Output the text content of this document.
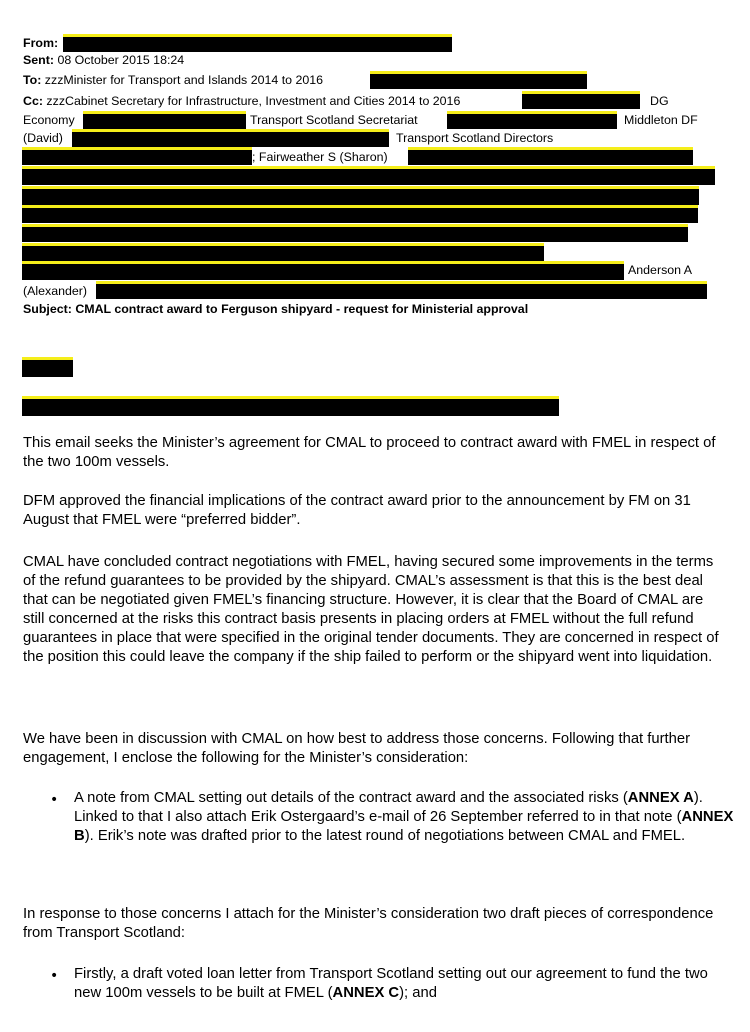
From:
Sent: 08 October 2015 18:24
To: zzzMinister for Transport and Islands 2014 to 2016
Cc: zzzCabinet Secretary for Infrastructure, Investment and Cities 2014 to 2016	DG
Economy	Transport Scotland Secretariat	Middleton DF
(David)	Transport Scotland Directors
; Fairweather S (Sharon)
Anderson A
(Alexander)
Subject: CMAL contract award to Ferguson shipyard - request for Ministerial approval

This email seeks the Minister’s agreement for CMAL to proceed to contract award with FMEL in respect of the two 100m vessels.

DFM approved the financial implications of the contract award prior to the announcement by FM on 31 August that FMEL were “preferred bidder”.

CMAL have concluded contract negotiations with FMEL, having secured some improvements in the terms of the refund guarantees to be provided by the shipyard. CMAL’s assessment is that this is the best deal that can be negotiated given FMEL’s financing structure. However, it is clear that the Board of CMAL are still concerned at the risks this contract basis presents in placing orders at FMEL without the full refund guarantees in place that were specified in the original tender documents. They are concerned in respect of the position this could leave the company if the ship failed to perform or the shipyard went into liquidation.

We have been in discussion with CMAL on how best to address those concerns. Following that further engagement, I enclose the following for the Minister’s consideration:

• A note from CMAL setting out details of the contract award and the associated risks (ANNEX A). Linked to that I also attach Erik Ostergaard’s e-mail of 26 September referred to in that note (ANNEX B). Erik’s note was drafted prior to the latest round of negotiations between CMAL and FMEL.

In response to those concerns I attach for the Minister’s consideration two draft pieces of correspondence from Transport Scotland:

• Firstly, a draft voted loan letter from Transport Scotland setting out our agreement to fund the two new 100m vessels to be built at FMEL (ANNEX C); and
